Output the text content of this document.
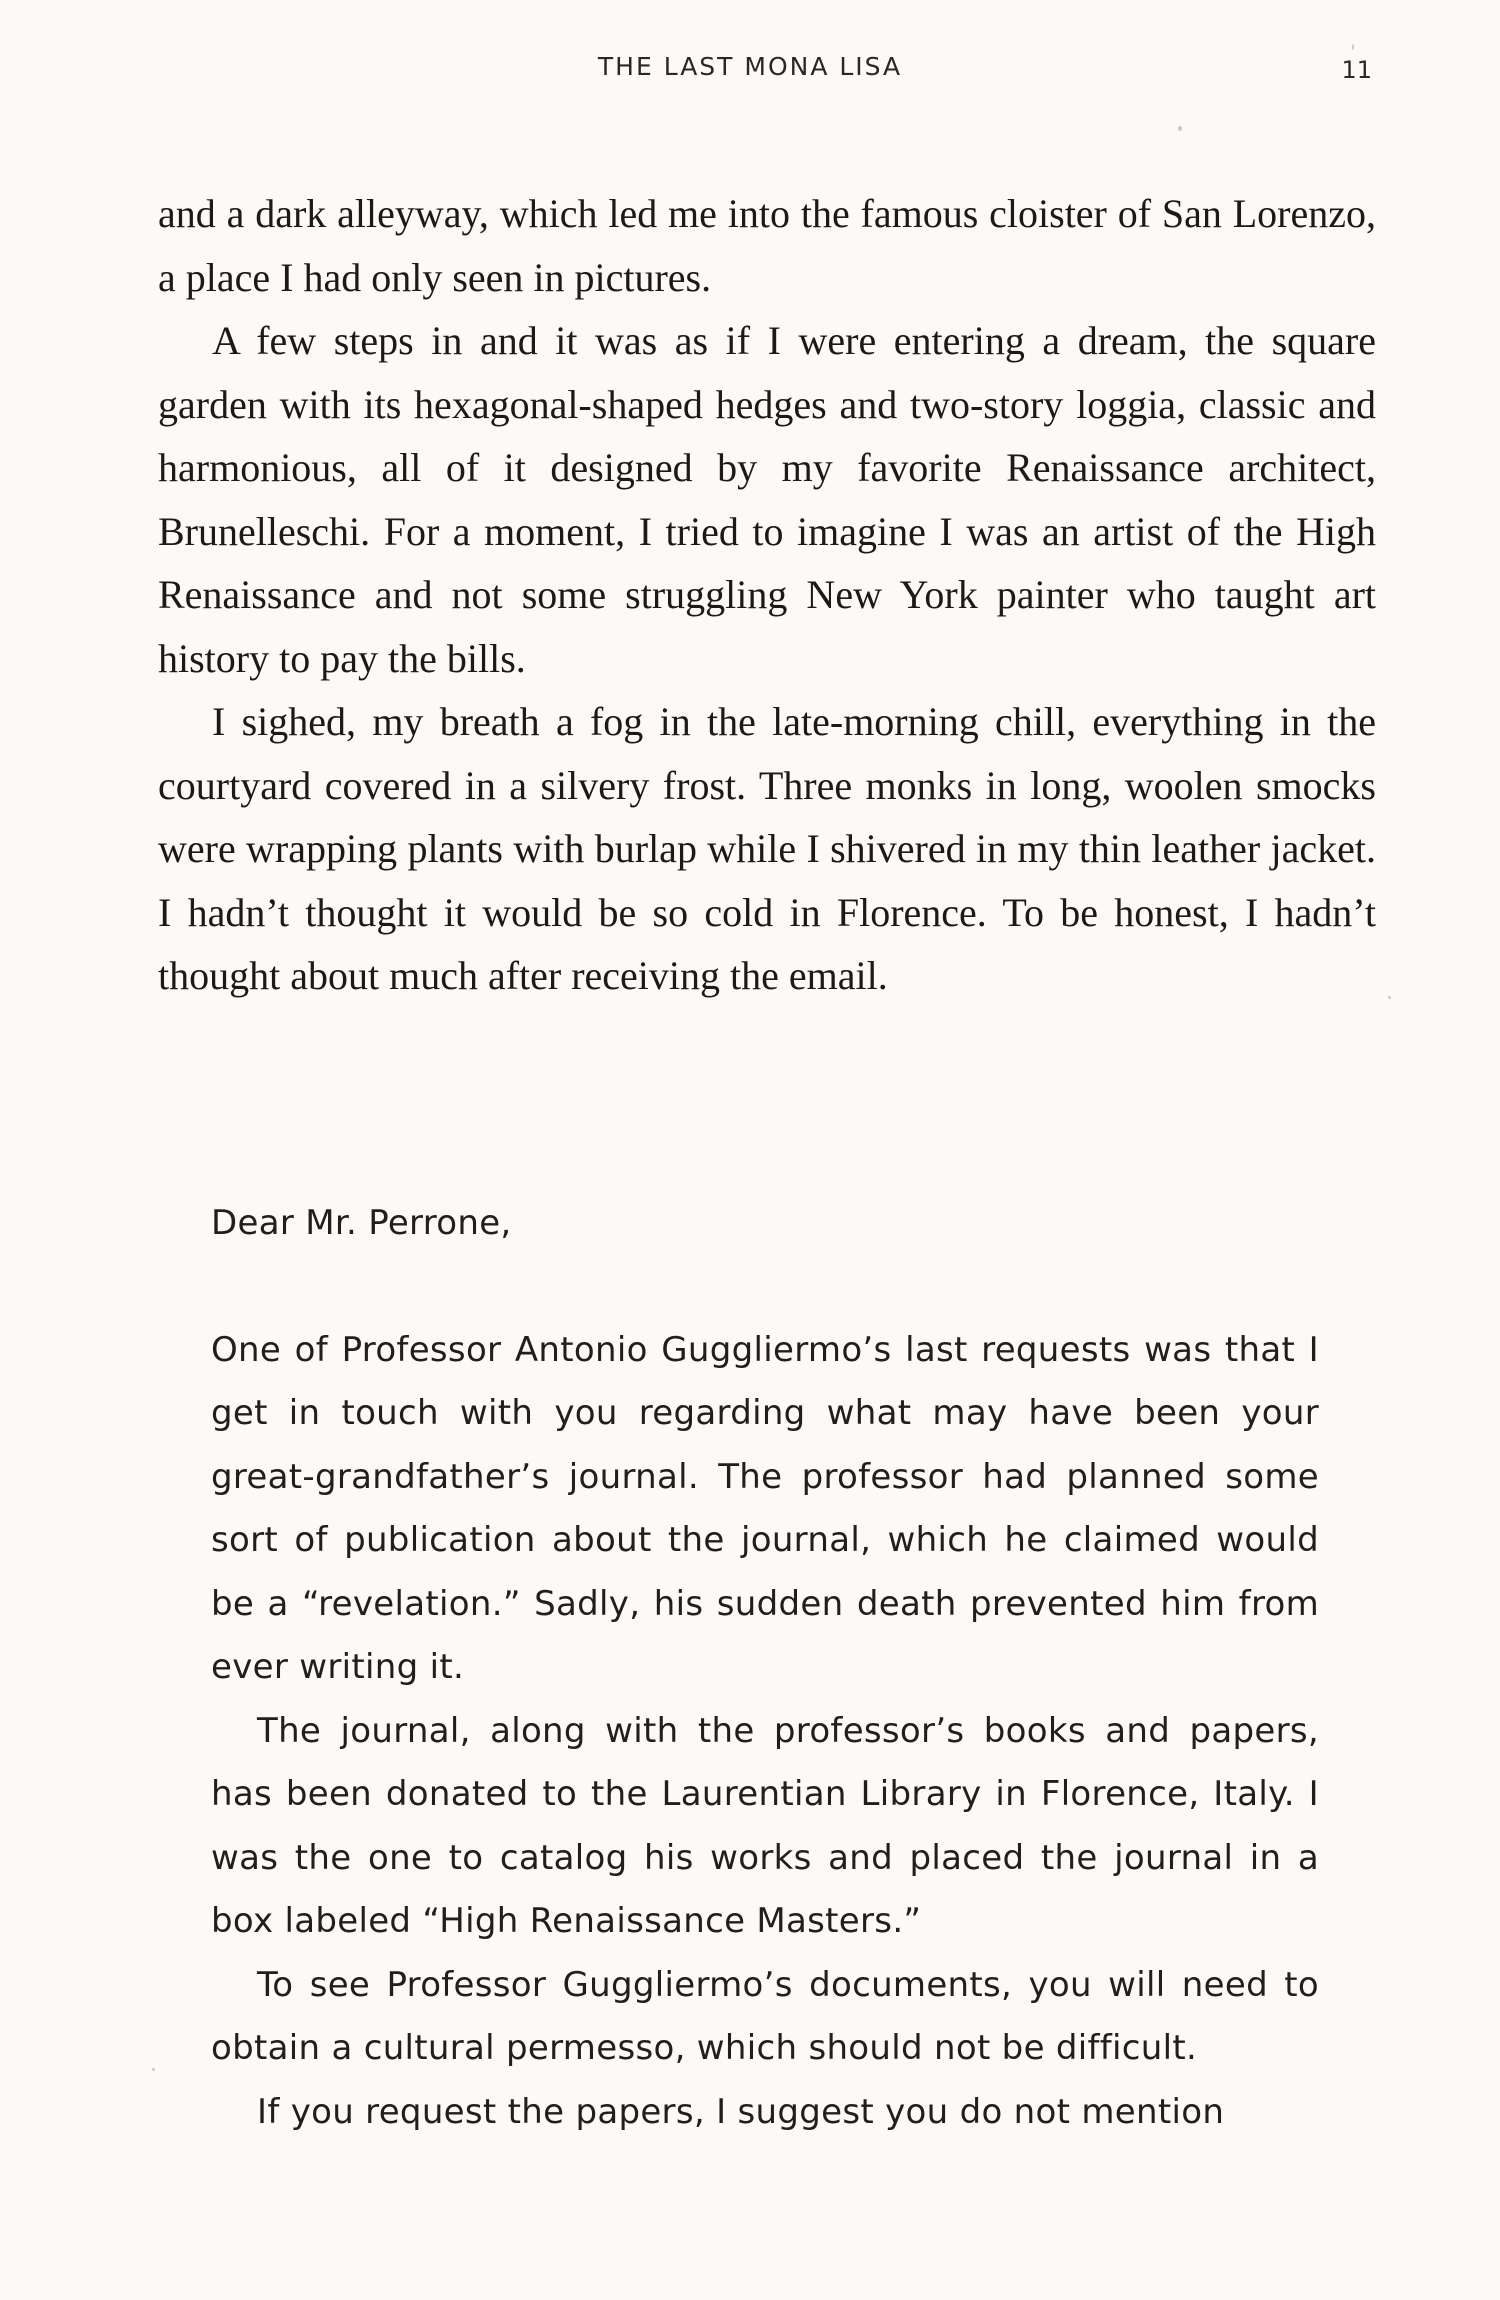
THE LAST MONA LISA	11

and a dark alleyway, which led me into the famous cloister of San Lorenzo, a place I had only seen in pictures.

A few steps in and it was as if I were entering a dream, the square garden with its hexagonal-shaped hedges and two-story loggia, classic and harmonious, all of it designed by my favorite Renaissance architect, Brunelleschi. For a moment, I tried to imagine I was an artist of the High Renaissance and not some struggling New York painter who taught art history to pay the bills.

I sighed, my breath a fog in the late-morning chill, everything in the courtyard covered in a silvery frost. Three monks in long, woolen smocks were wrapping plants with burlap while I shivered in my thin leather jacket. I hadn’t thought it would be so cold in Florence. To be honest, I hadn’t thought about much after receiving the email.

Dear Mr. Perrone,

One of Professor Antonio Guggliermo’s last requests was that I get in touch with you regarding what may have been your great-grandfather’s journal. The professor had planned some sort of publication about the journal, which he claimed would be a “revelation.” Sadly, his sudden death prevented him from ever writing it.

The journal, along with the professor’s books and papers, has been donated to the Laurentian Library in Florence, Italy. I was the one to catalog his works and placed the journal in a box labeled “High Renaissance Masters.”

To see Professor Guggliermo’s documents, you will need to obtain a cultural permesso, which should not be difficult.

If you request the papers, I suggest you do not mention
